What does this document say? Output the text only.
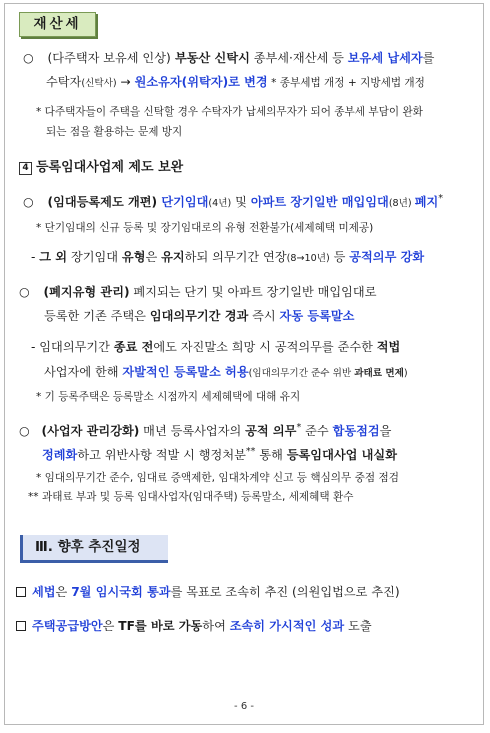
재산세
○ (다주택자 보유세 인상) 부동산 신탁시 종부세·재산세 등 보유세 납세자를
수탁자(신탁사) → 원소유자(위탁자)로 변경 * 종부세법 개정 + 지방세법 개정
* 다주택자들이 주택을 신탁할 경우 수탁자가 납세의무자가 되어 종부세 부담이 완화
되는 점을 활용하는 문제 방지
4 등록임대사업제 제도 보완
○ (임대등록제도 개편) 단기임대(4년) 및 아파트 장기일반 매입임대(8년) 폐지*
* 단기임대의 신규 등록 및 장기임대로의 유형 전환불가(세제혜택 미제공)
- 그 외 장기임대 유형은 유지하되 의무기간 연장(8→10년) 등 공적의무 강화
○ (폐지유형 관리) 폐지되는 단기 및 아파트 장기일반 매입임대로
등록한 기존 주택은 임대의무기간 경과 즉시 자동 등록말소
- 임대의무기간 종료 전에도 자진말소 희망 시 공적의무를 준수한 적법
사업자에 한해 자발적인 등록말소 허용(임대의무기간 준수 위반 과태료 면제)
* 기 등록주택은 등록말소 시점까지 세제혜택에 대해 유지
○ (사업자 관리강화) 매년 등록사업자의 공적 의무* 준수 합동점검을
정례화하고 위반사항 적발 시 행정처분** 통해 등록임대사업 내실화
* 임대의무기간 준수, 임대료 증액제한, 임대차계약 신고 등 핵심의무 중점 점검
** 과태료 부과 및 등록 임대사업자(임대주택) 등록말소, 세제혜택 환수
Ⅲ. 향후 추진일정
세법은 7월 임시국회 통과를 목표로 조속히 추진 (의원입법으로 추진)
주택공급방안은 TF를 바로 가동하여 조속히 가시적인 성과 도출
- 6 -
